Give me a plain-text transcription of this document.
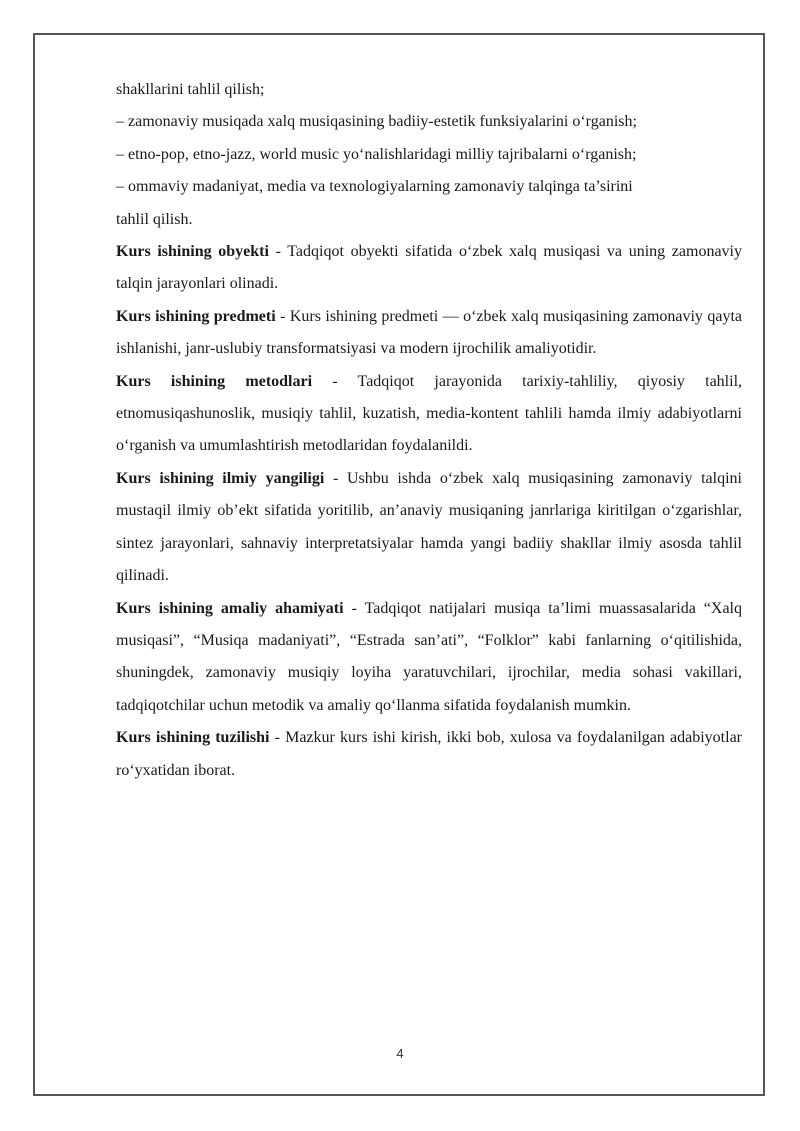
shakllarini tahlil qilish;
– zamonaviy musiqada xalq musiqasining badiiy-estetik funksiyalarini o‘rganish;
– etno-pop, etno-jazz, world music yo‘nalishlaridagi milliy tajribalarni o‘rganish;
– ommaviy madaniyat, media va texnologiyalarning zamonaviy talqinga ta’sirini
tahlil qilish.

Kurs ishining obyekti - Tadqiqot obyekti sifatida o‘zbek xalq musiqasi va uning zamonaviy talqin jarayonlari olinadi.

Kurs ishining predmeti - Kurs ishining predmeti — o‘zbek xalq musiqasining zamonaviy qayta ishlanishi, janr-uslubiy transformatsiyasi va modern ijrochilik amaliyotidir.

Kurs ishining metodlari - Tadqiqot jarayonida tarixiy-tahliliy, qiyosiy tahlil, etnomusiqashunoslik, musiqiy tahlil, kuzatish, media-kontent tahlili hamda ilmiy adabiyotlarni o‘rganish va umumlashtirish metodlaridan foydalanildi.

Kurs ishining ilmiy yangiligi - Ushbu ishda o‘zbek xalq musiqasining zamonaviy talqini mustaqil ilmiy ob’ekt sifatida yoritilib, an’anaviy musiqaning janrlariga kiritilgan o‘zgarishlar, sintez jarayonlari, sahnaviy interpretatsiyalar hamda yangi badiiy shakllar ilmiy asosda tahlil qilinadi.

Kurs ishining amaliy ahamiyati - Tadqiqot natijalari musiqa ta’limi muassasalarida “Xalq musiqasi”, “Musiqa madaniyati”, “Estrada san’ati”, “Folklor” kabi fanlarning o‘qitilishida, shuningdek, zamonaviy musiqiy loyiha yaratuvchilari, ijrochilar, media sohasi vakillari, tadqiqotchilar uchun metodik va amaliy qo‘llanma sifatida foydalanish mumkin.

Kurs ishining tuzilishi - Mazkur kurs ishi kirish, ikki bob, xulosa va foydalanilgan adabiyotlar ro‘yxatidan iborat.

4
